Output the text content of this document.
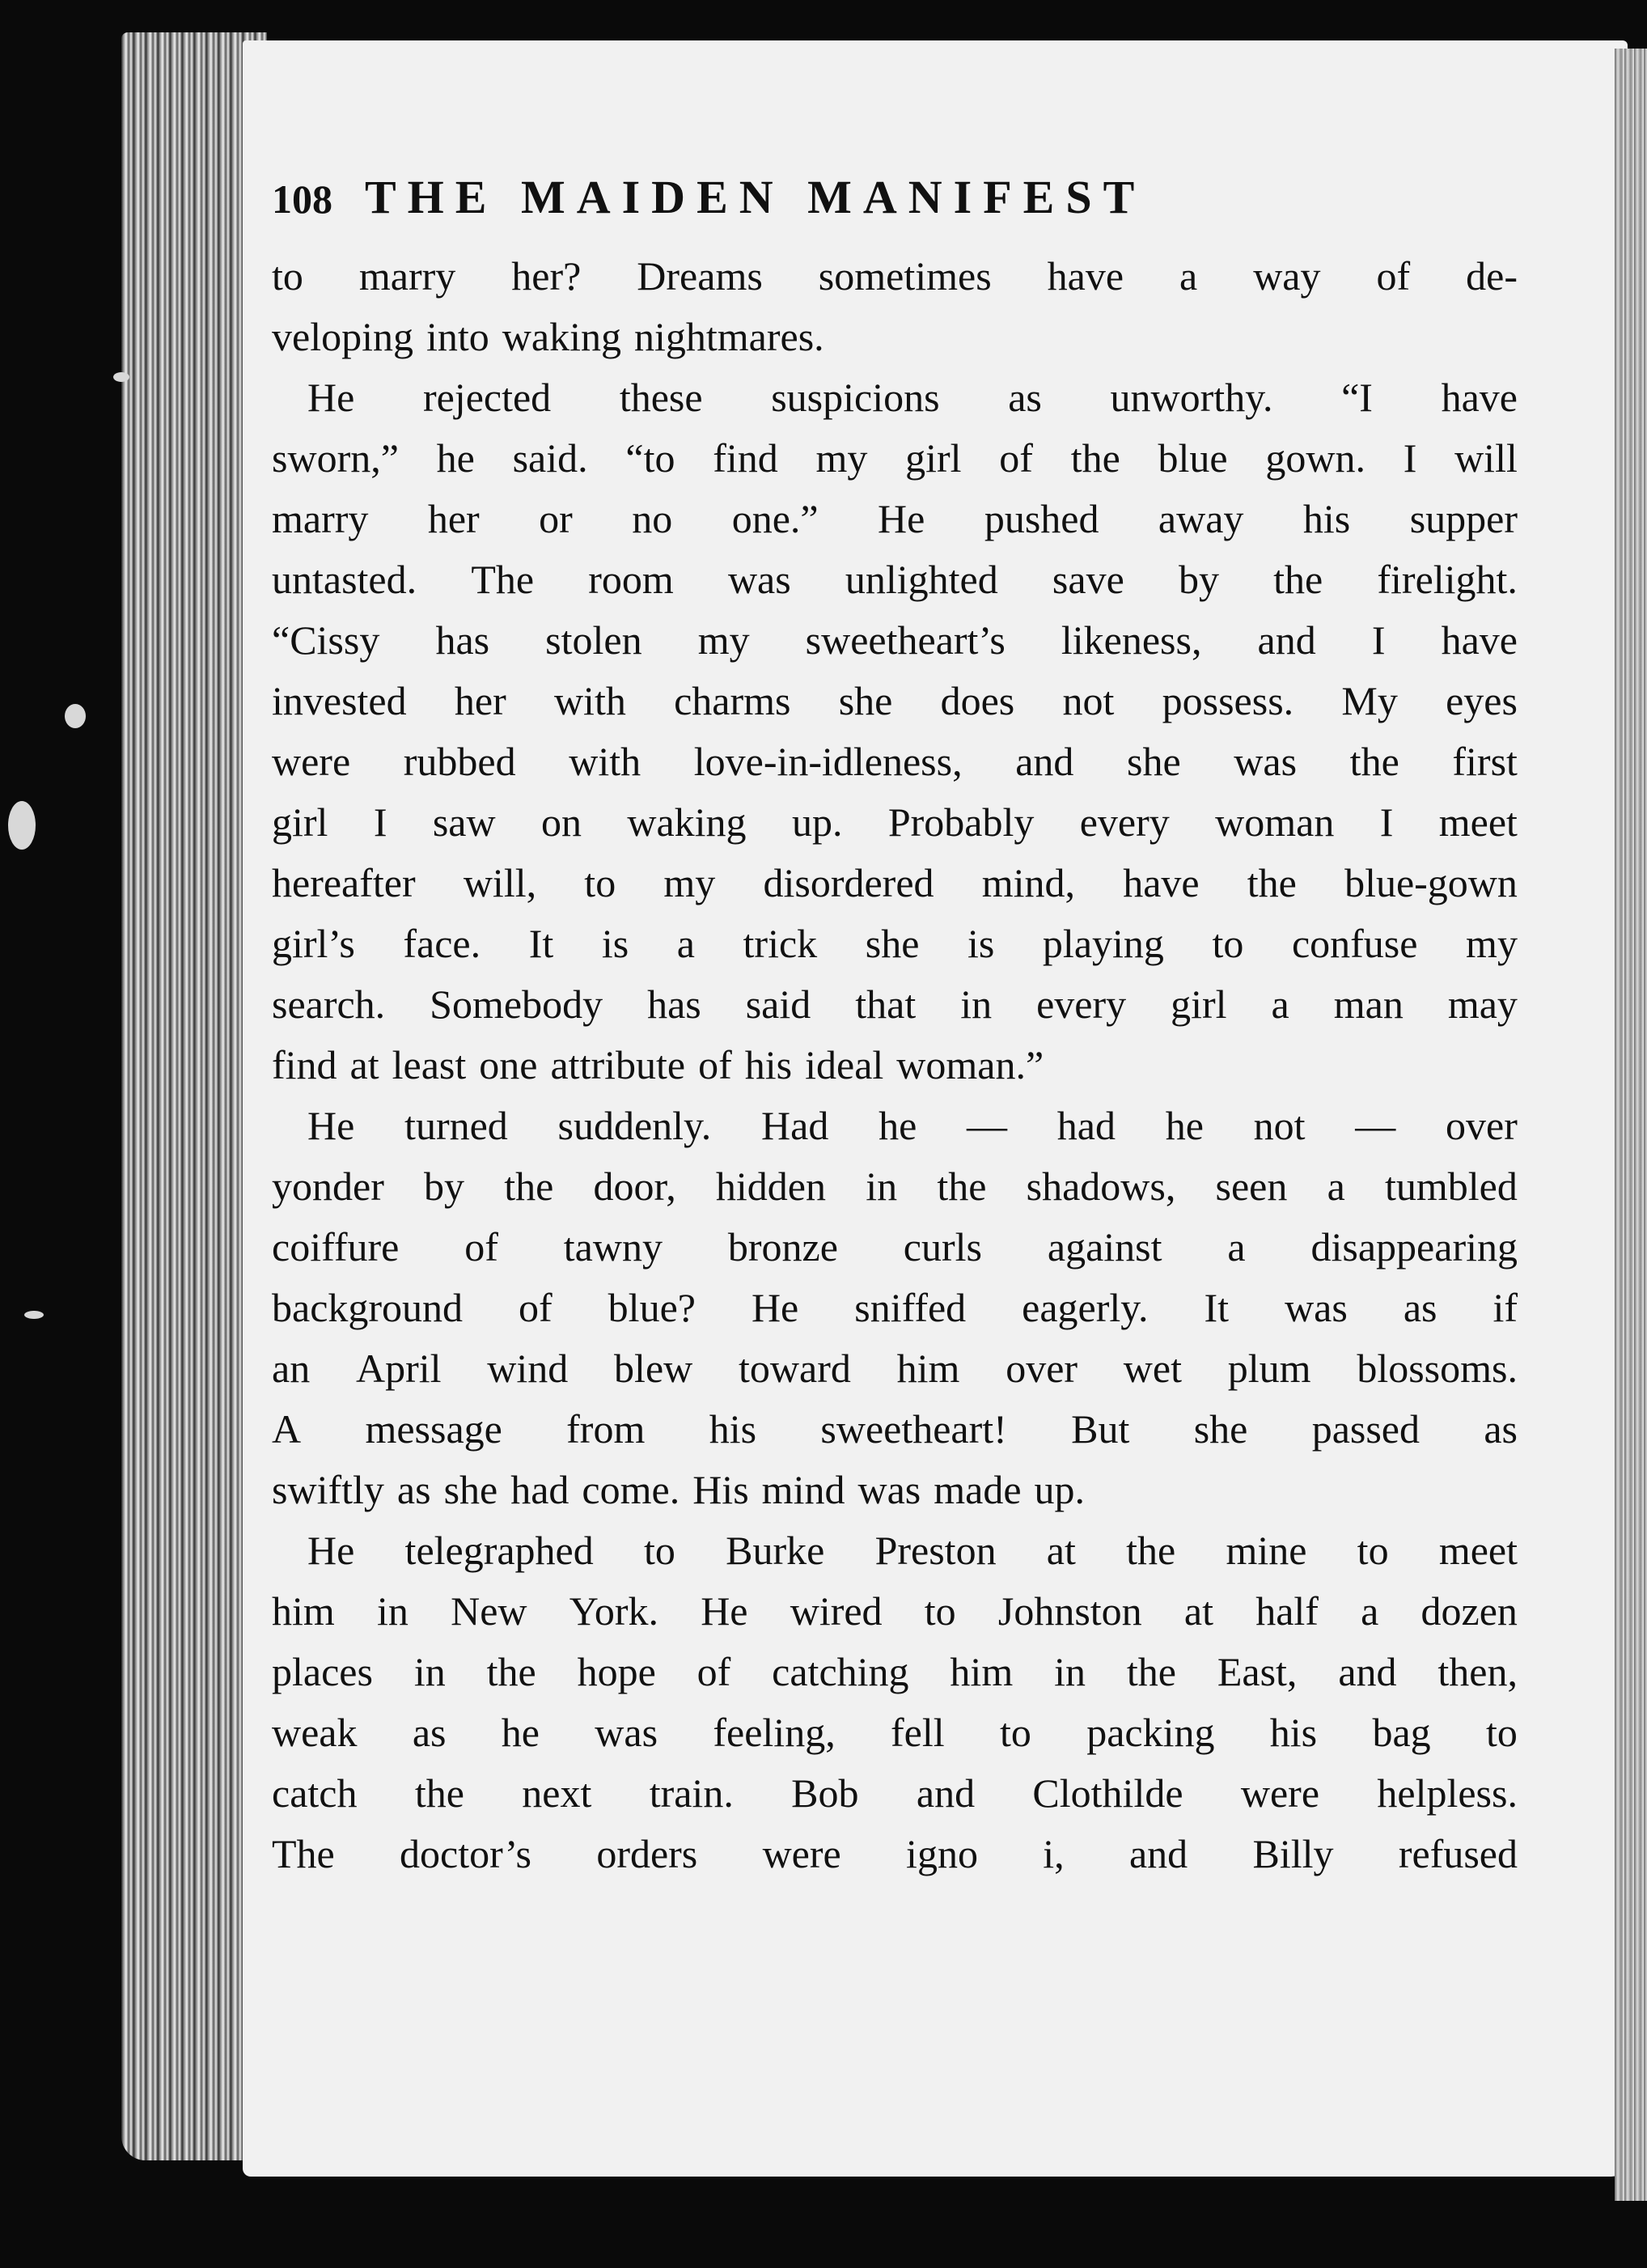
108 THE MAIDEN MANIFEST
to marry her? Dreams sometimes have a way of de-
veloping into waking nightmares.
He rejected these suspicions as unworthy. “I have
sworn,” he said. “to find my girl of the blue gown. I will
marry her or no one.” He pushed away his supper
untasted. The room was unlighted save by the firelight.
“Cissy has stolen my sweetheart’s likeness, and I have
invested her with charms she does not possess. My eyes
were rubbed with love-in-idleness, and she was the first
girl I saw on waking up. Probably every woman I meet
hereafter will, to my disordered mind, have the blue-gown
girl’s face. It is a trick she is playing to confuse my
search. Somebody has said that in every girl a man may
find at least one attribute of his ideal woman.”
He turned suddenly. Had he — had he not — over
yonder by the door, hidden in the shadows, seen a tumbled
coiffure of tawny bronze curls against a disappearing
background of blue? He sniffed eagerly. It was as if
an April wind blew toward him over wet plum blossoms.
A message from his sweetheart! But she passed as
swiftly as she had come. His mind was made up.
He telegraphed to Burke Preston at the mine to meet
him in New York. He wired to Johnston at half a dozen
places in the hope of catching him in the East, and then,
weak as he was feeling, fell to packing his bag to
catch the next train. Bob and Clothilde were helpless.
The doctor’s orders were igno i, and Billy refused
